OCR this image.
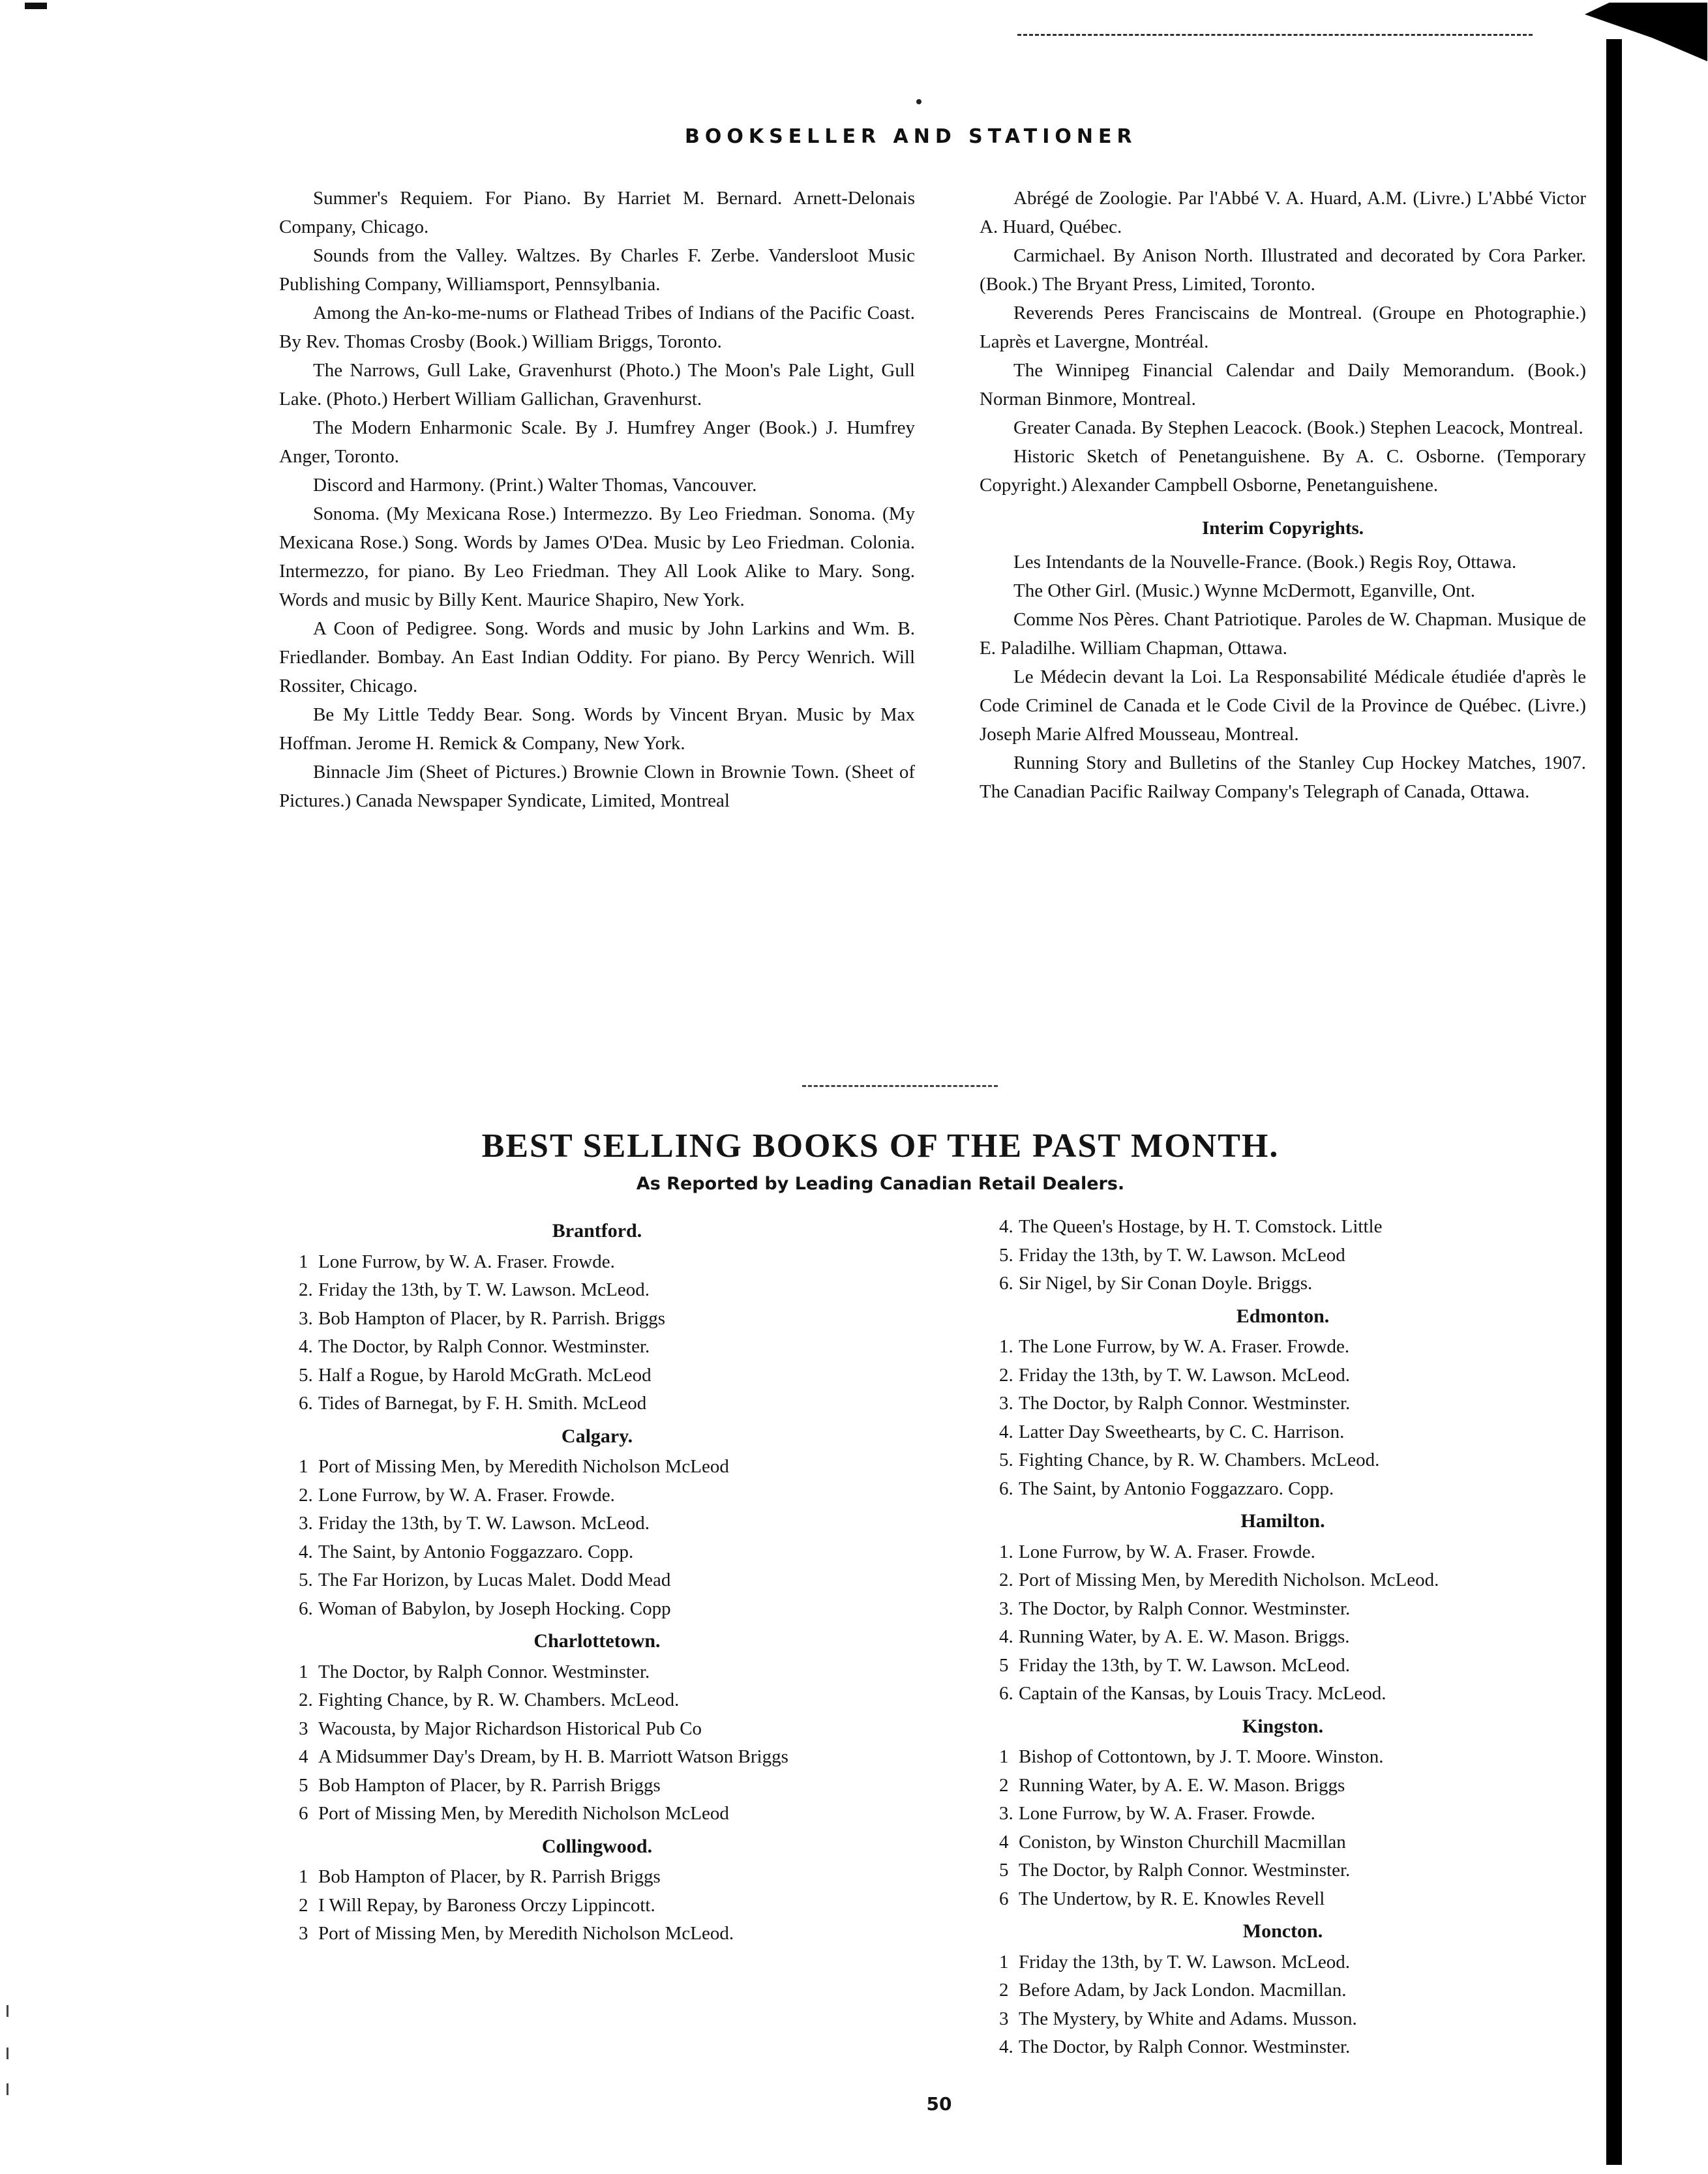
BOOKSELLER AND STATIONER

Summer's Requiem. For Piano. By Harriet M. Bernard. Arnett-Delonais Company, Chicago.

Sounds from the Valley. Waltzes. By Charles F. Zerbe. Vandersloot Music Publishing Company, Williamsport, Pennsylbania.

Among the An-ko-me-nums or Flathead Tribes of Indians of the Pacific Coast. By Rev. Thomas Crosby (Book.) William Briggs, Toronto.

The Narrows, Gull Lake, Gravenhurst (Photo.) The Moon's Pale Light, Gull Lake. (Photo.) Herbert William Gallichan, Gravenhurst.

The Modern Enharmonic Scale. By J. Humfrey Anger (Book.) J. Humfrey Anger, Toronto.

Discord and Harmony. (Print.) Walter Thomas, Vancouver.

Sonoma. (My Mexicana Rose.) Intermezzo. By Leo Friedman. Sonoma. (My Mexicana Rose.) Song. Words by James O'Dea. Music by Leo Friedman. Colonia. Intermezzo, for piano. By Leo Friedman. They All Look Alike to Mary. Song. Words and music by Billy Kent. Maurice Shapiro, New York.

A Coon of Pedigree. Song. Words and music by John Larkins and Wm. B. Friedlander. Bombay. An East Indian Oddity. For piano. By Percy Wenrich. Will Rossiter, Chicago.

Be My Little Teddy Bear. Song. Words by Vincent Bryan. Music by Max Hoffman. Jerome H. Remick & Company, New York.

Binnacle Jim (Sheet of Pictures.) Brownie Clown in Brownie Town. (Sheet of Pictures.) Canada Newspaper Syndicate, Limited, Montreal

Abrégé de Zoologie. Par l'Abbé V. A. Huard, A.M. (Livre.) L'Abbé Victor A. Huard, Québec.

Carmichael. By Anison North. Illustrated and decorated by Cora Parker. (Book.) The Bryant Press, Limited, Toronto.

Reverends Peres Franciscains de Montreal. (Groupe en Photographie.) Laprès et Lavergne, Montréal.

The Winnipeg Financial Calendar and Daily Memorandum. (Book.) Norman Binmore, Montreal.

Greater Canada. By Stephen Leacock. (Book.) Stephen Leacock, Montreal.

Historic Sketch of Penetanguishene. By A. C. Osborne. (Temporary Copyright.) Alexander Campbell Osborne, Penetanguishene.

Interim Copyrights.

Les Intendants de la Nouvelle-France. (Book.) Regis Roy, Ottawa.

The Other Girl. (Music.) Wynne McDermott, Eganville, Ont.

Comme Nos Pères. Chant Patriotique. Paroles de W. Chapman. Musique de E. Paladilhe. William Chapman, Ottawa.

Le Médecin devant la Loi. La Responsabilité Médicale étudiée d'après le Code Criminel de Canada et le Code Civil de la Province de Québec. (Livre.) Joseph Marie Alfred Mousseau, Montreal.

Running Story and Bulletins of the Stanley Cup Hockey Matches, 1907. The Canadian Pacific Railway Company's Telegraph of Canada, Ottawa.

BEST SELLING BOOKS OF THE PAST MONTH.

As Reported by Leading Canadian Retail Dealers.

Brantford.
1 Lone Furrow, by W. A. Fraser. Frowde.
2. Friday the 13th, by T. W. Lawson. McLeod.
3. Bob Hampton of Placer, by R. Parrish. Briggs
4. The Doctor, by Ralph Connor. Westminster.
5. Half a Rogue, by Harold McGrath. McLeod
6. Tides of Barnegat, by F. H. Smith. McLeod
Calgary.
1 Port of Missing Men, by Meredith Nicholson McLeod
2. Lone Furrow, by W. A. Fraser. Frowde.
3. Friday the 13th, by T. W. Lawson. McLeod.
4. The Saint, by Antonio Foggazzaro. Copp.
5. The Far Horizon, by Lucas Malet. Dodd Mead
6. Woman of Babylon, by Joseph Hocking. Copp
Charlottetown.
1 The Doctor, by Ralph Connor. Westminster.
2. Fighting Chance, by R. W. Chambers. McLeod.
3 Wacousta, by Major Richardson Historical Pub Co
4 A Midsummer Day's Dream, by H. B. Marriott Watson Briggs
5 Bob Hampton of Placer, by R. Parrish Briggs
6 Port of Missing Men, by Meredith Nicholson McLeod
Collingwood.
1 Bob Hampton of Placer, by R. Parrish Briggs
2 I Will Repay, by Baroness Orczy Lippincott.
3 Port of Missing Men, by Meredith Nicholson McLeod.
4. The Queen's Hostage, by H. T. Comstock. Little
5. Friday the 13th, by T. W. Lawson. McLeod
6. Sir Nigel, by Sir Conan Doyle. Briggs.
Edmonton.
1. The Lone Furrow, by W. A. Fraser. Frowde.
2. Friday the 13th, by T. W. Lawson. McLeod.
3. The Doctor, by Ralph Connor. Westminster.
4. Latter Day Sweethearts, by C. C. Harrison.
5. Fighting Chance, by R. W. Chambers. McLeod.
6. The Saint, by Antonio Foggazzaro. Copp.
Hamilton.
1. Lone Furrow, by W. A. Fraser. Frowde.
2. Port of Missing Men, by Meredith Nicholson. McLeod.
3. The Doctor, by Ralph Connor. Westminster.
4. Running Water, by A. E. W. Mason. Briggs.
5 Friday the 13th, by T. W. Lawson. McLeod.
6. Captain of the Kansas, by Louis Tracy. McLeod.
Kingston.
1 Bishop of Cottontown, by J. T. Moore. Winston.
2 Running Water, by A. E. W. Mason. Briggs
3. Lone Furrow, by W. A. Fraser. Frowde.
4 Coniston, by Winston Churchill Macmillan
5 The Doctor, by Ralph Connor. Westminster.
6 The Undertow, by R. E. Knowles Revell
Moncton.
1 Friday the 13th, by T. W. Lawson. McLeod.
2 Before Adam, by Jack London. Macmillan.
3 The Mystery, by White and Adams. Musson.
4. The Doctor, by Ralph Connor. Westminster.

50
